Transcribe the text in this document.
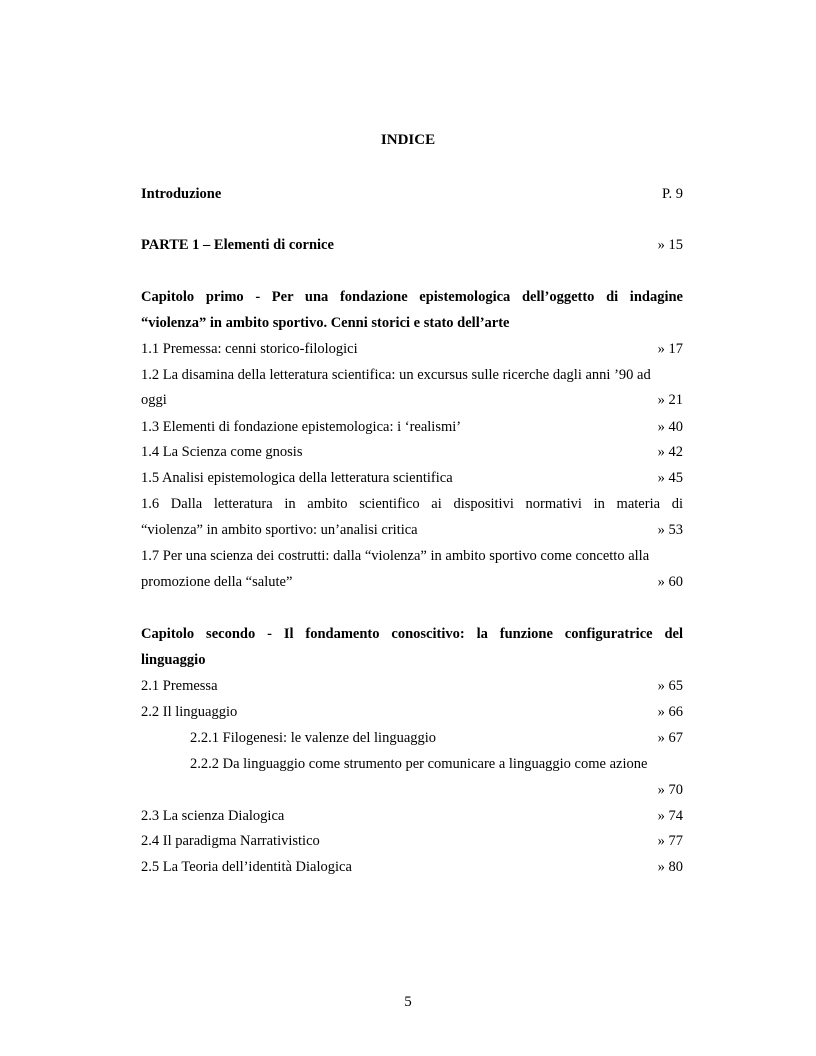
INDICE
Introduzione	P. 9
PARTE 1 – Elementi di cornice	» 15
Capitolo primo - Per una fondazione epistemologica dell’oggetto di indagine
“violenza” in ambito sportivo. Cenni storici e stato dell’arte
1.1 Premessa: cenni storico-filologici	» 17
1.2 La disamina della letteratura scientifica: un excursus sulle ricerche dagli anni ’90 ad
oggi	» 21
1.3 Elementi di fondazione epistemologica: i ‘realismi’	» 40
1.4 La Scienza come gnosis	» 42
1.5 Analisi epistemologica della letteratura scientifica	» 45
1.6 Dalla letteratura in ambito scientifico ai dispositivi normativi in materia di
“violenza” in ambito sportivo: un’analisi critica	» 53
1.7 Per una scienza dei costrutti: dalla “violenza” in ambito sportivo come concetto alla
promozione della “salute”	» 60
Capitolo secondo - Il fondamento conoscitivo: la funzione configuratrice del
linguaggio
2.1 Premessa	» 65
2.2 Il linguaggio	» 66
2.2.1 Filogenesi: le valenze del linguaggio	» 67
2.2.2 Da linguaggio come strumento per comunicare a linguaggio come azione
» 70
2.3 La scienza Dialogica	» 74
2.4 Il paradigma Narrativistico	» 77
2.5 La Teoria dell’identità Dialogica	» 80
5
